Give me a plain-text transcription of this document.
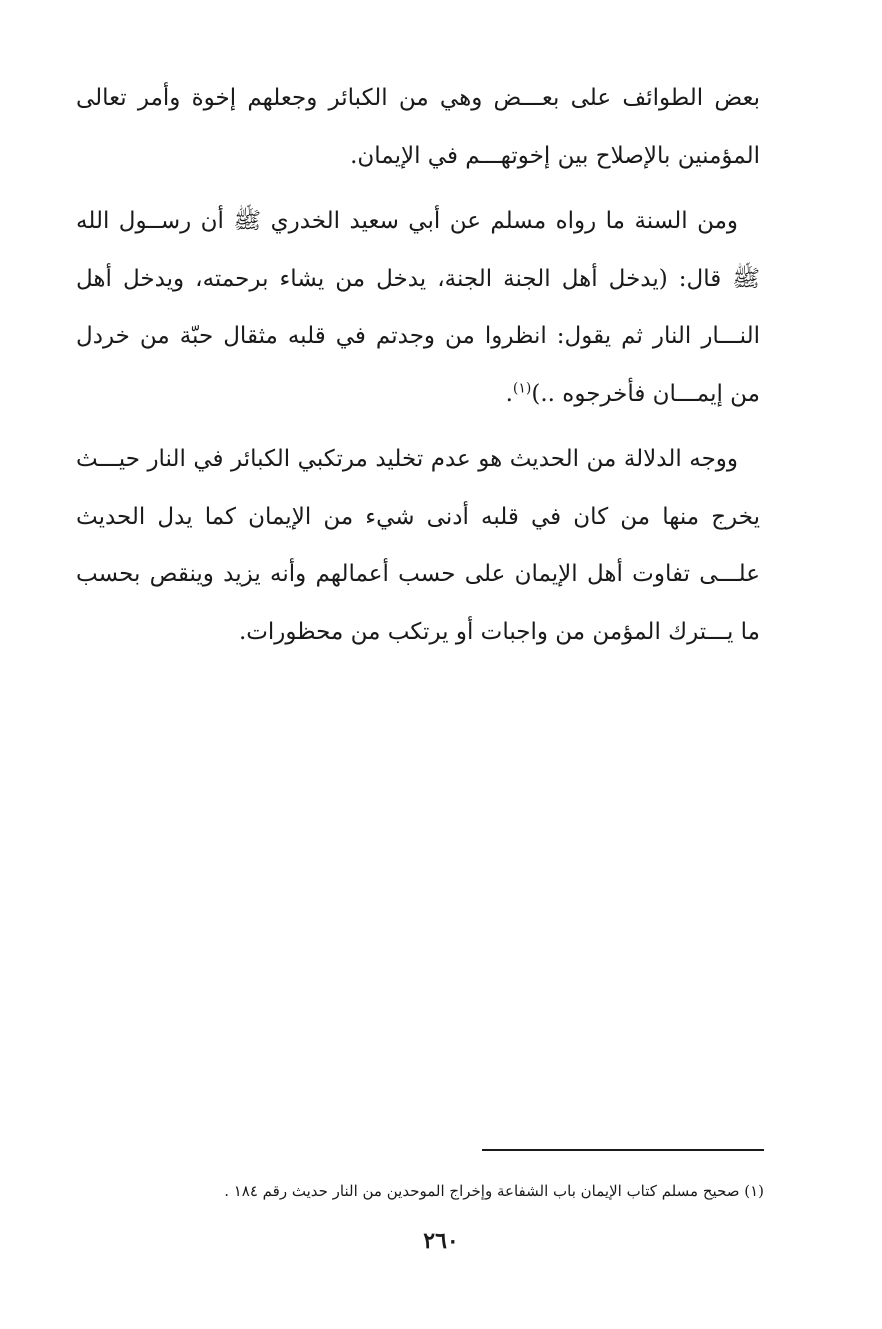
بعض الطوائف على بعـــض وهي من الكبائر وجعلهم إخوة وأمر تعالى المؤمنين بالإصلاح بين إخوتهـــم في الإيمان.

ومن السنة ما رواه مسلم عن أبي سعيد الخدري ﷺ أن رســول الله ﷺ قال: (يدخل أهل الجنة الجنة، يدخل من يشاء برحمته، ويدخل أهل النـــار النار ثم يقول: انظروا من وجدتم في قلبه مثقال حبّة من خردل من إيمـــان فأخرجوه ..)$^{(١)}$.

ووجه الدلالة من الحديث هو عدم تخليد مرتكبي الكبائر في النار حيـــث يخرج منها من كان في قلبه أدنى شيء من الإيمان كما يدل الحديث علـــى تفاوت أهل الإيمان على حسب أعمالهم وأنه يزيد وينقص بحسب ما يـــترك المؤمن من واجبات أو يرتكب من محظورات.

(١) صحيح مسلم كتاب الإيمان باب الشفاعة وإخراج الموحدين من النار حديث رقم ١٨٤ .
٢٦٠
